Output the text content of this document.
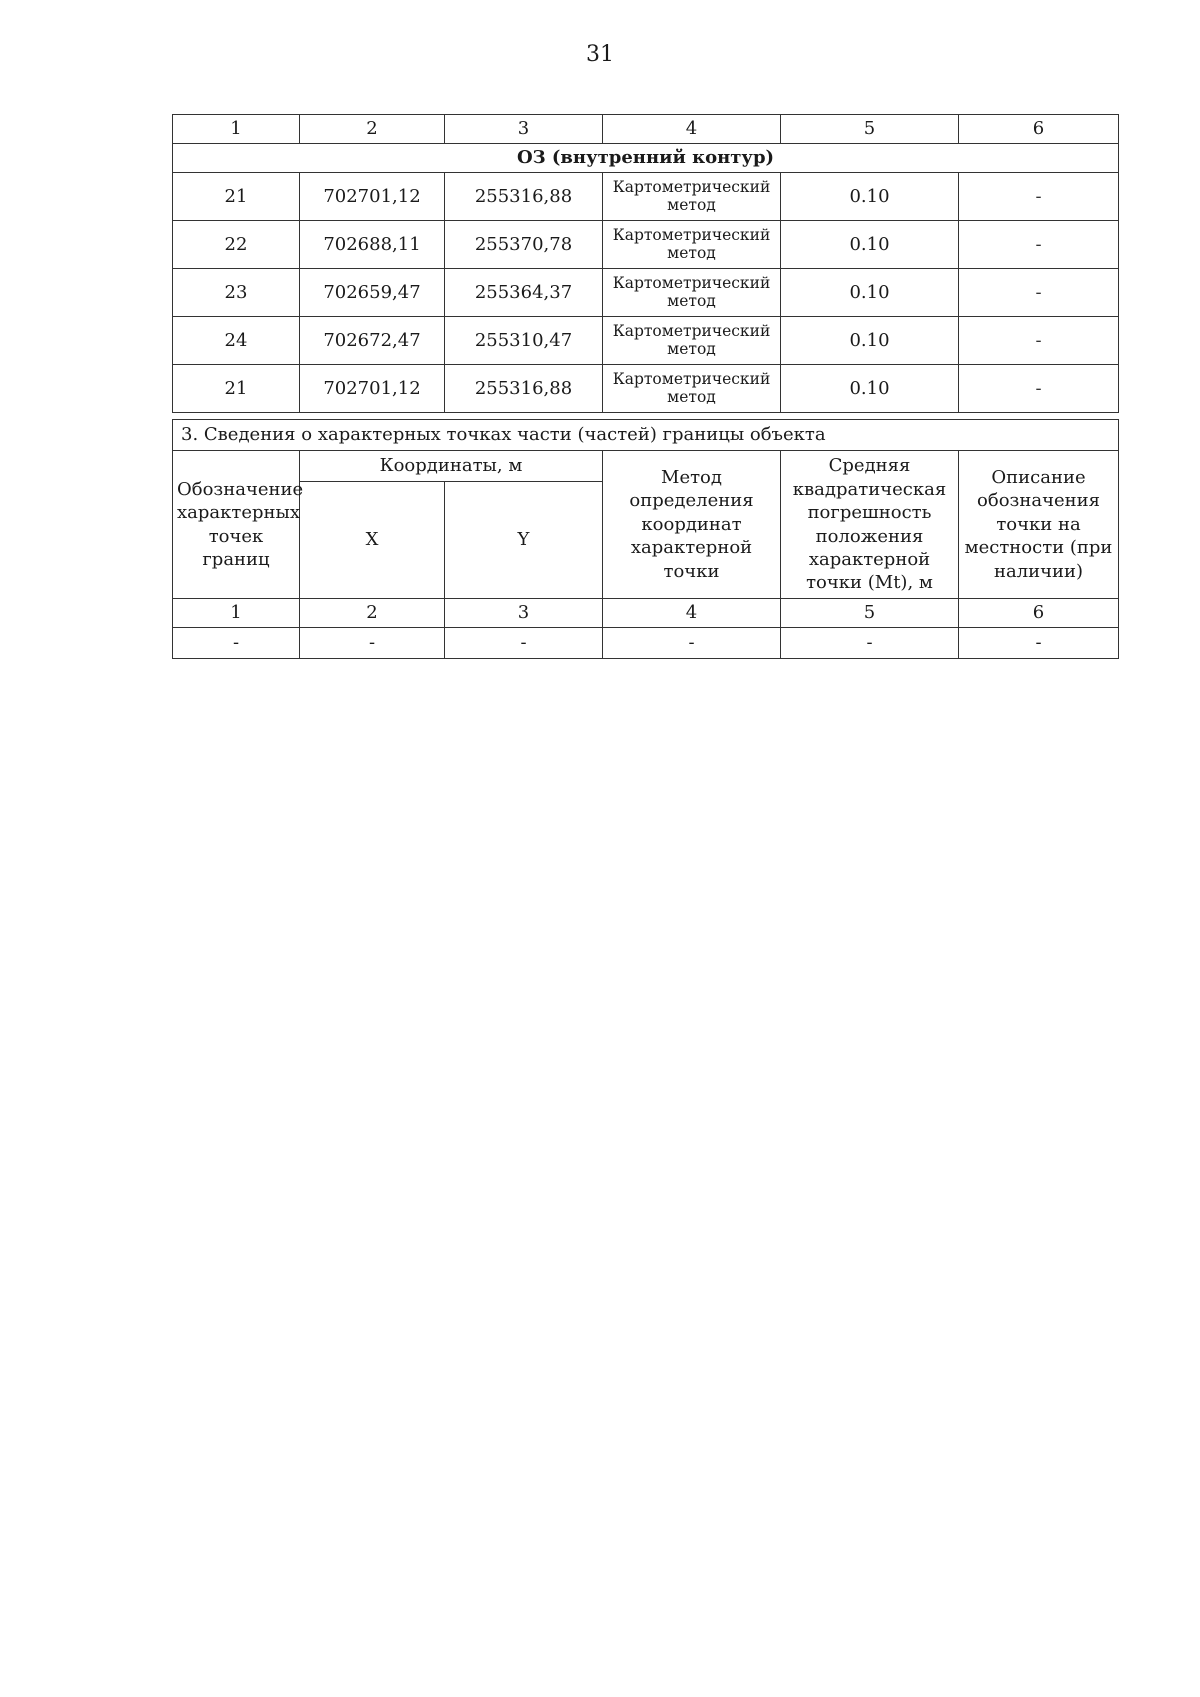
31
1	2	3	4	5	6
ОЗ (внутренний контур)					
21	702701,12	255316,88	Картометрический метод	0.10	-
22	702688,11	255370,78	Картометрический метод	0.10	-
23	702659,47	255364,37	Картометрический метод	0.10	-
24	702672,47	255310,47	Картометрический метод	0.10	-
21	702701,12	255316,88	Картометрический метод	0.10	-
3. Сведения о характерных точках части (частей) границы объекта					
Обозначение характерных точек границ	Координаты, м		Метод определения координат характерной точки	Средняя квадратическая погрешность положения характерной точки (Mt), м	Описание обозначения точки на местности (при наличии)
	X	Y			
1	2	3	4	5	6
-	-	-	-	-	-
